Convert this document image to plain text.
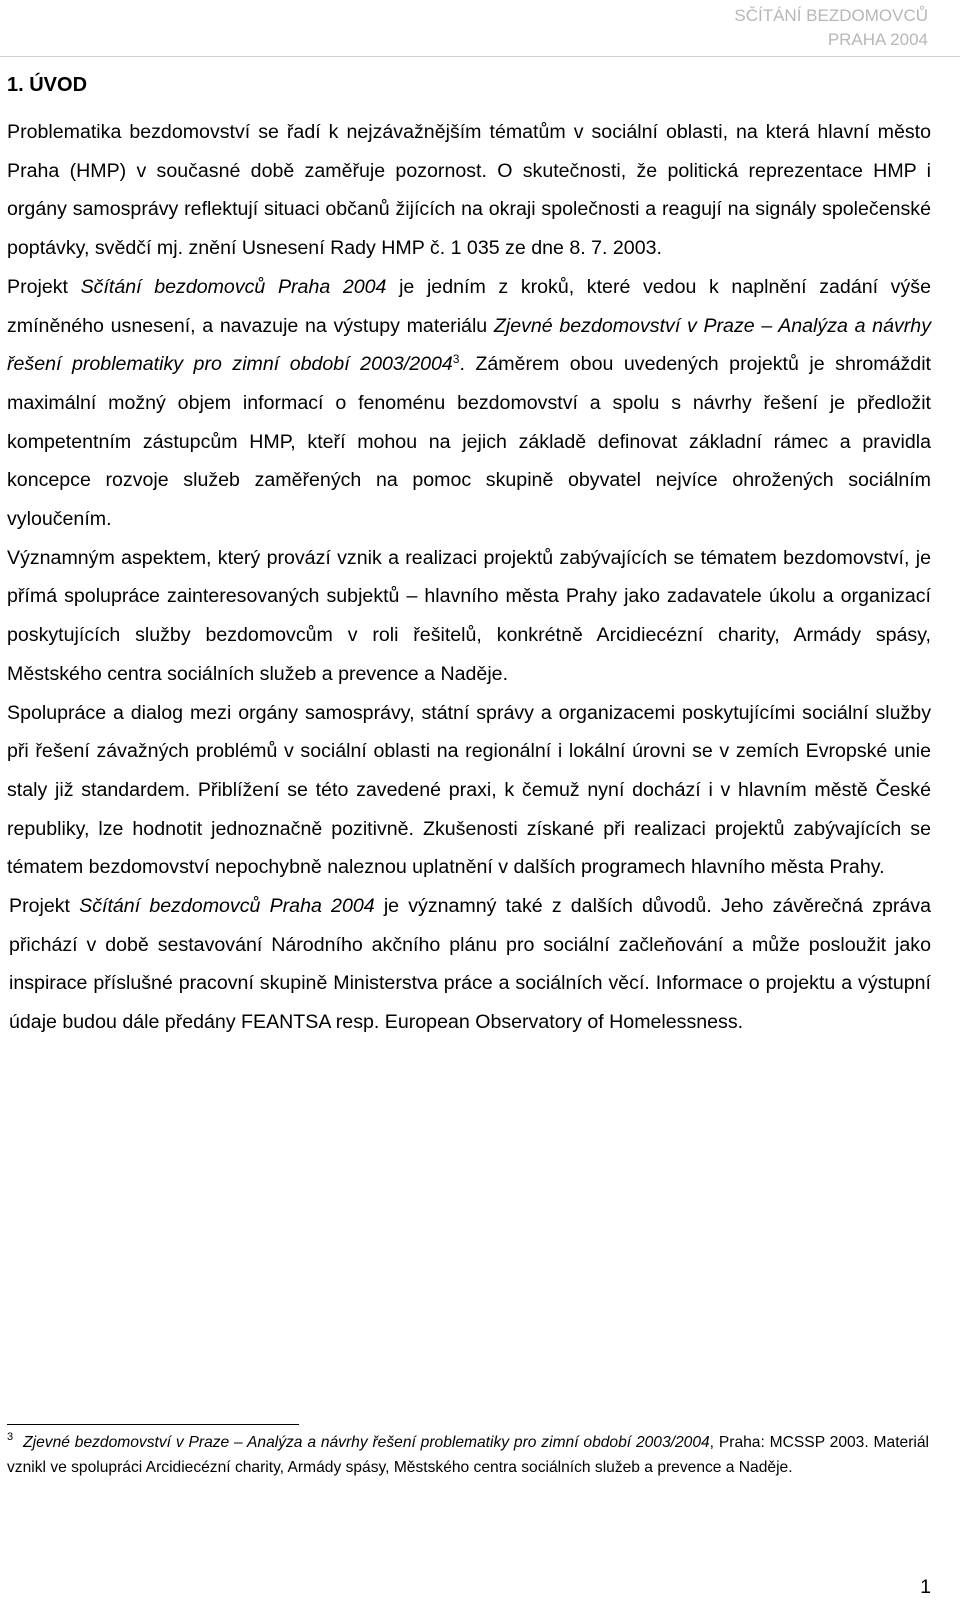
SČÍTÁNÍ BEZDOMOVCŮ
PRAHA 2004
1. ÚVOD

Problematika bezdomovství se řadí k nejzávažnějším tématům v sociální oblasti, na která hlavní město Praha (HMP) v současné době zaměřuje pozornost. O skutečnosti, že politická reprezentace HMP i orgány samosprávy reflektují situaci občanů žijících na okraji společnosti a reagují na signály společenské poptávky, svědčí mj. znění Usnesení Rady HMP č. 1 035 ze dne 8. 7. 2003.

Projekt Sčítání bezdomovců Praha 2004 je jedním z kroků, které vedou k naplnění zadání výše zmíněného usnesení, a navazuje na výstupy materiálu Zjevné bezdomovství v Praze – Analýza a návrhy řešení problematiky pro zimní období 2003/2004$^3$. Záměrem obou uvedených projektů je shromáždit maximální možný objem informací o fenoménu bezdomovství a spolu s návrhy řešení je předložit kompetentním zástupcům HMP, kteří mohou na jejich základě definovat základní rámec a pravidla koncepce rozvoje služeb zaměřených na pomoc skupině obyvatel nejvíce ohrožených sociálním vyloučením.

Významným aspektem, který provází vznik a realizaci projektů zabývajících se tématem bezdomovství, je přímá spolupráce zainteresovaných subjektů – hlavního města Prahy jako zadavatele úkolu a organizací poskytujících služby bezdomovcům v roli řešitelů, konkrétně Arcidiecézní charity, Armády spásy, Městského centra sociálních služeb a prevence a Naděje.

Spolupráce a dialog mezi orgány samosprávy, státní správy a organizacemi poskytujícími sociální služby při řešení závažných problémů v sociální oblasti na regionální i lokální úrovni se v zemích Evropské unie staly již standardem. Přiblížení se této zavedené praxi, k čemuž nyní dochází i v hlavním městě České republiky, lze hodnotit jednoznačně pozitivně. Zkušenosti získané při realizaci projektů zabývajících se tématem bezdomovství nepochybně naleznou uplatnění v dalších programech hlavního města Prahy.

Projekt Sčítání bezdomovců Praha 2004 je významný také z dalších důvodů. Jeho závěrečná zpráva přichází v době sestavování Národního akčního plánu pro sociální začleňování a může posloužit jako inspirace příslušné pracovní skupině Ministerstva práce a sociálních věcí. Informace o projektu a výstupní údaje budou dále předány FEANTSA resp. European Observatory of Homelessness.

$^3$ Zjevné bezdomovství v Praze – Analýza a návrhy řešení problematiky pro zimní období 2003/2004, Praha: MCSSP 2003. Materiál vznikl ve spolupráci Arcidiecézní charity, Armády spásy, Městského centra sociálních služeb a prevence a Naděje.
1
